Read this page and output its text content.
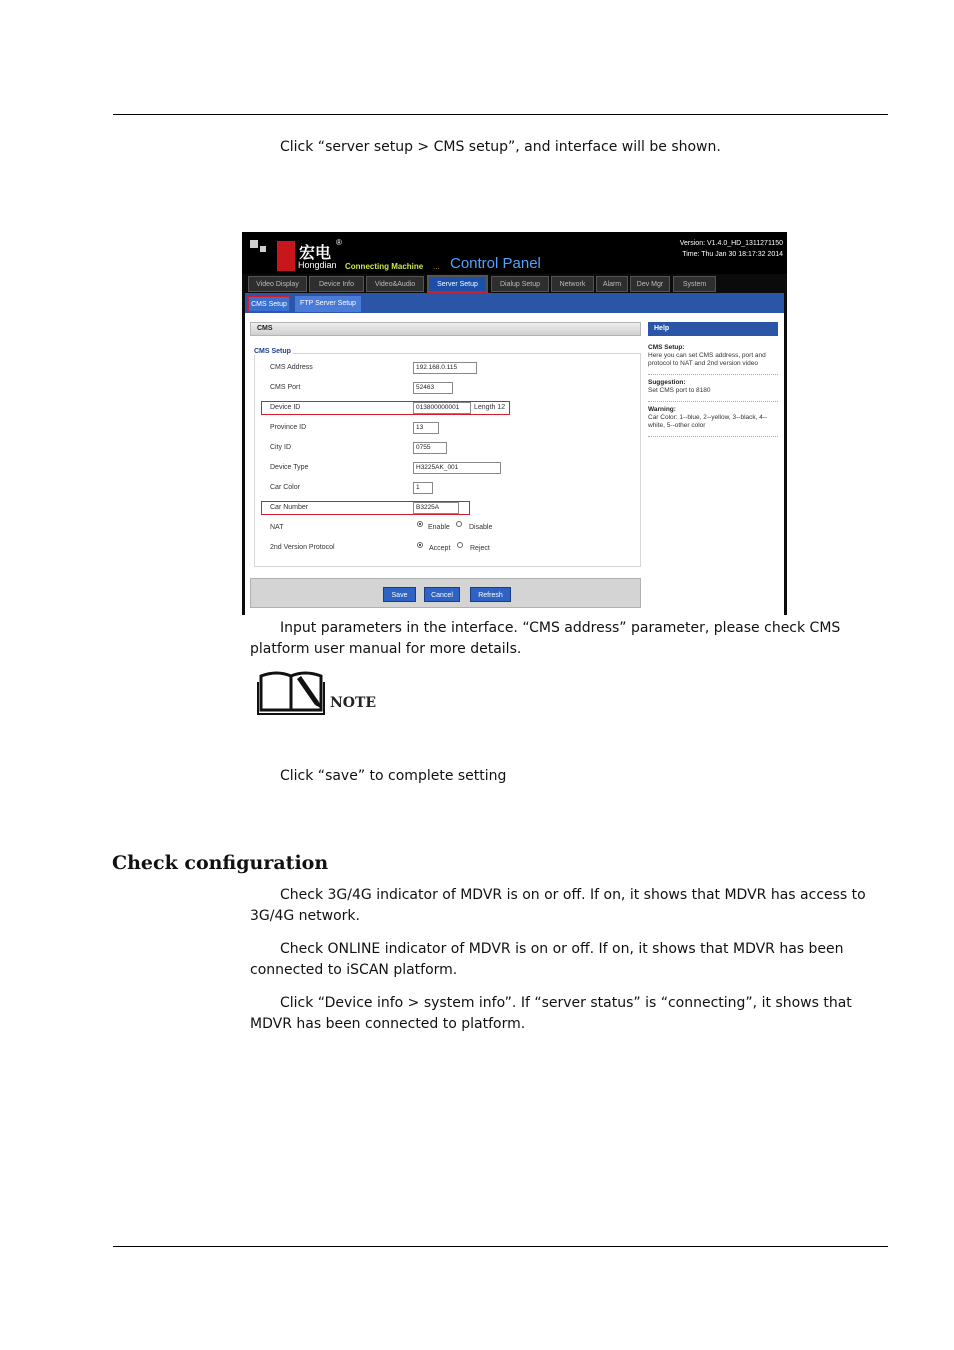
Click “server setup > CMS setup”, and interface will be shown.

宏电
®
Hongdian Connecting Machine ... Control Panel
Version: V1.4.0_HD_1311271150
Time: Thu Jan 30 18:17:32 2014
Video Display	Device Info	Video&Audio	Server Setup	Dialup Setup	Network	Alarm	Dev Mgr	System
CMS Setup	FTP Server Setup
CMS
CMS Setup
CMS Address	192.168.0.115
CMS Port	52463
Device ID	013800000001	Length 12
Province ID	13
City ID	0755
Device Type	H3225AK_001
Car Color	1
Car Number	B3225A
NAT	Enable	Disable
2nd Version Protocol	Accept	Reject
Save	Cancel	Refresh
Help
CMS Setup:
Here you can set CMS address, port and protocol to NAT and 2nd version video
Suggestion:
Set CMS port to 8180
Warning:
Car Color: 1--blue, 2--yellow, 3--black, 4--white, 5--other color

Input parameters in the interface. “CMS address” parameter, please check CMS platform user manual for more details.

NOTE

Click “save” to complete setting

Check configuration

Check 3G/4G indicator of MDVR is on or off. If on, it shows that MDVR has access to 3G/4G network.

Check ONLINE indicator of MDVR is on or off. If on, it shows that MDVR has been connected to iSCAN platform.

Click “Device info > system info”. If “server status” is “connecting”, it shows that MDVR has been connected to platform.
